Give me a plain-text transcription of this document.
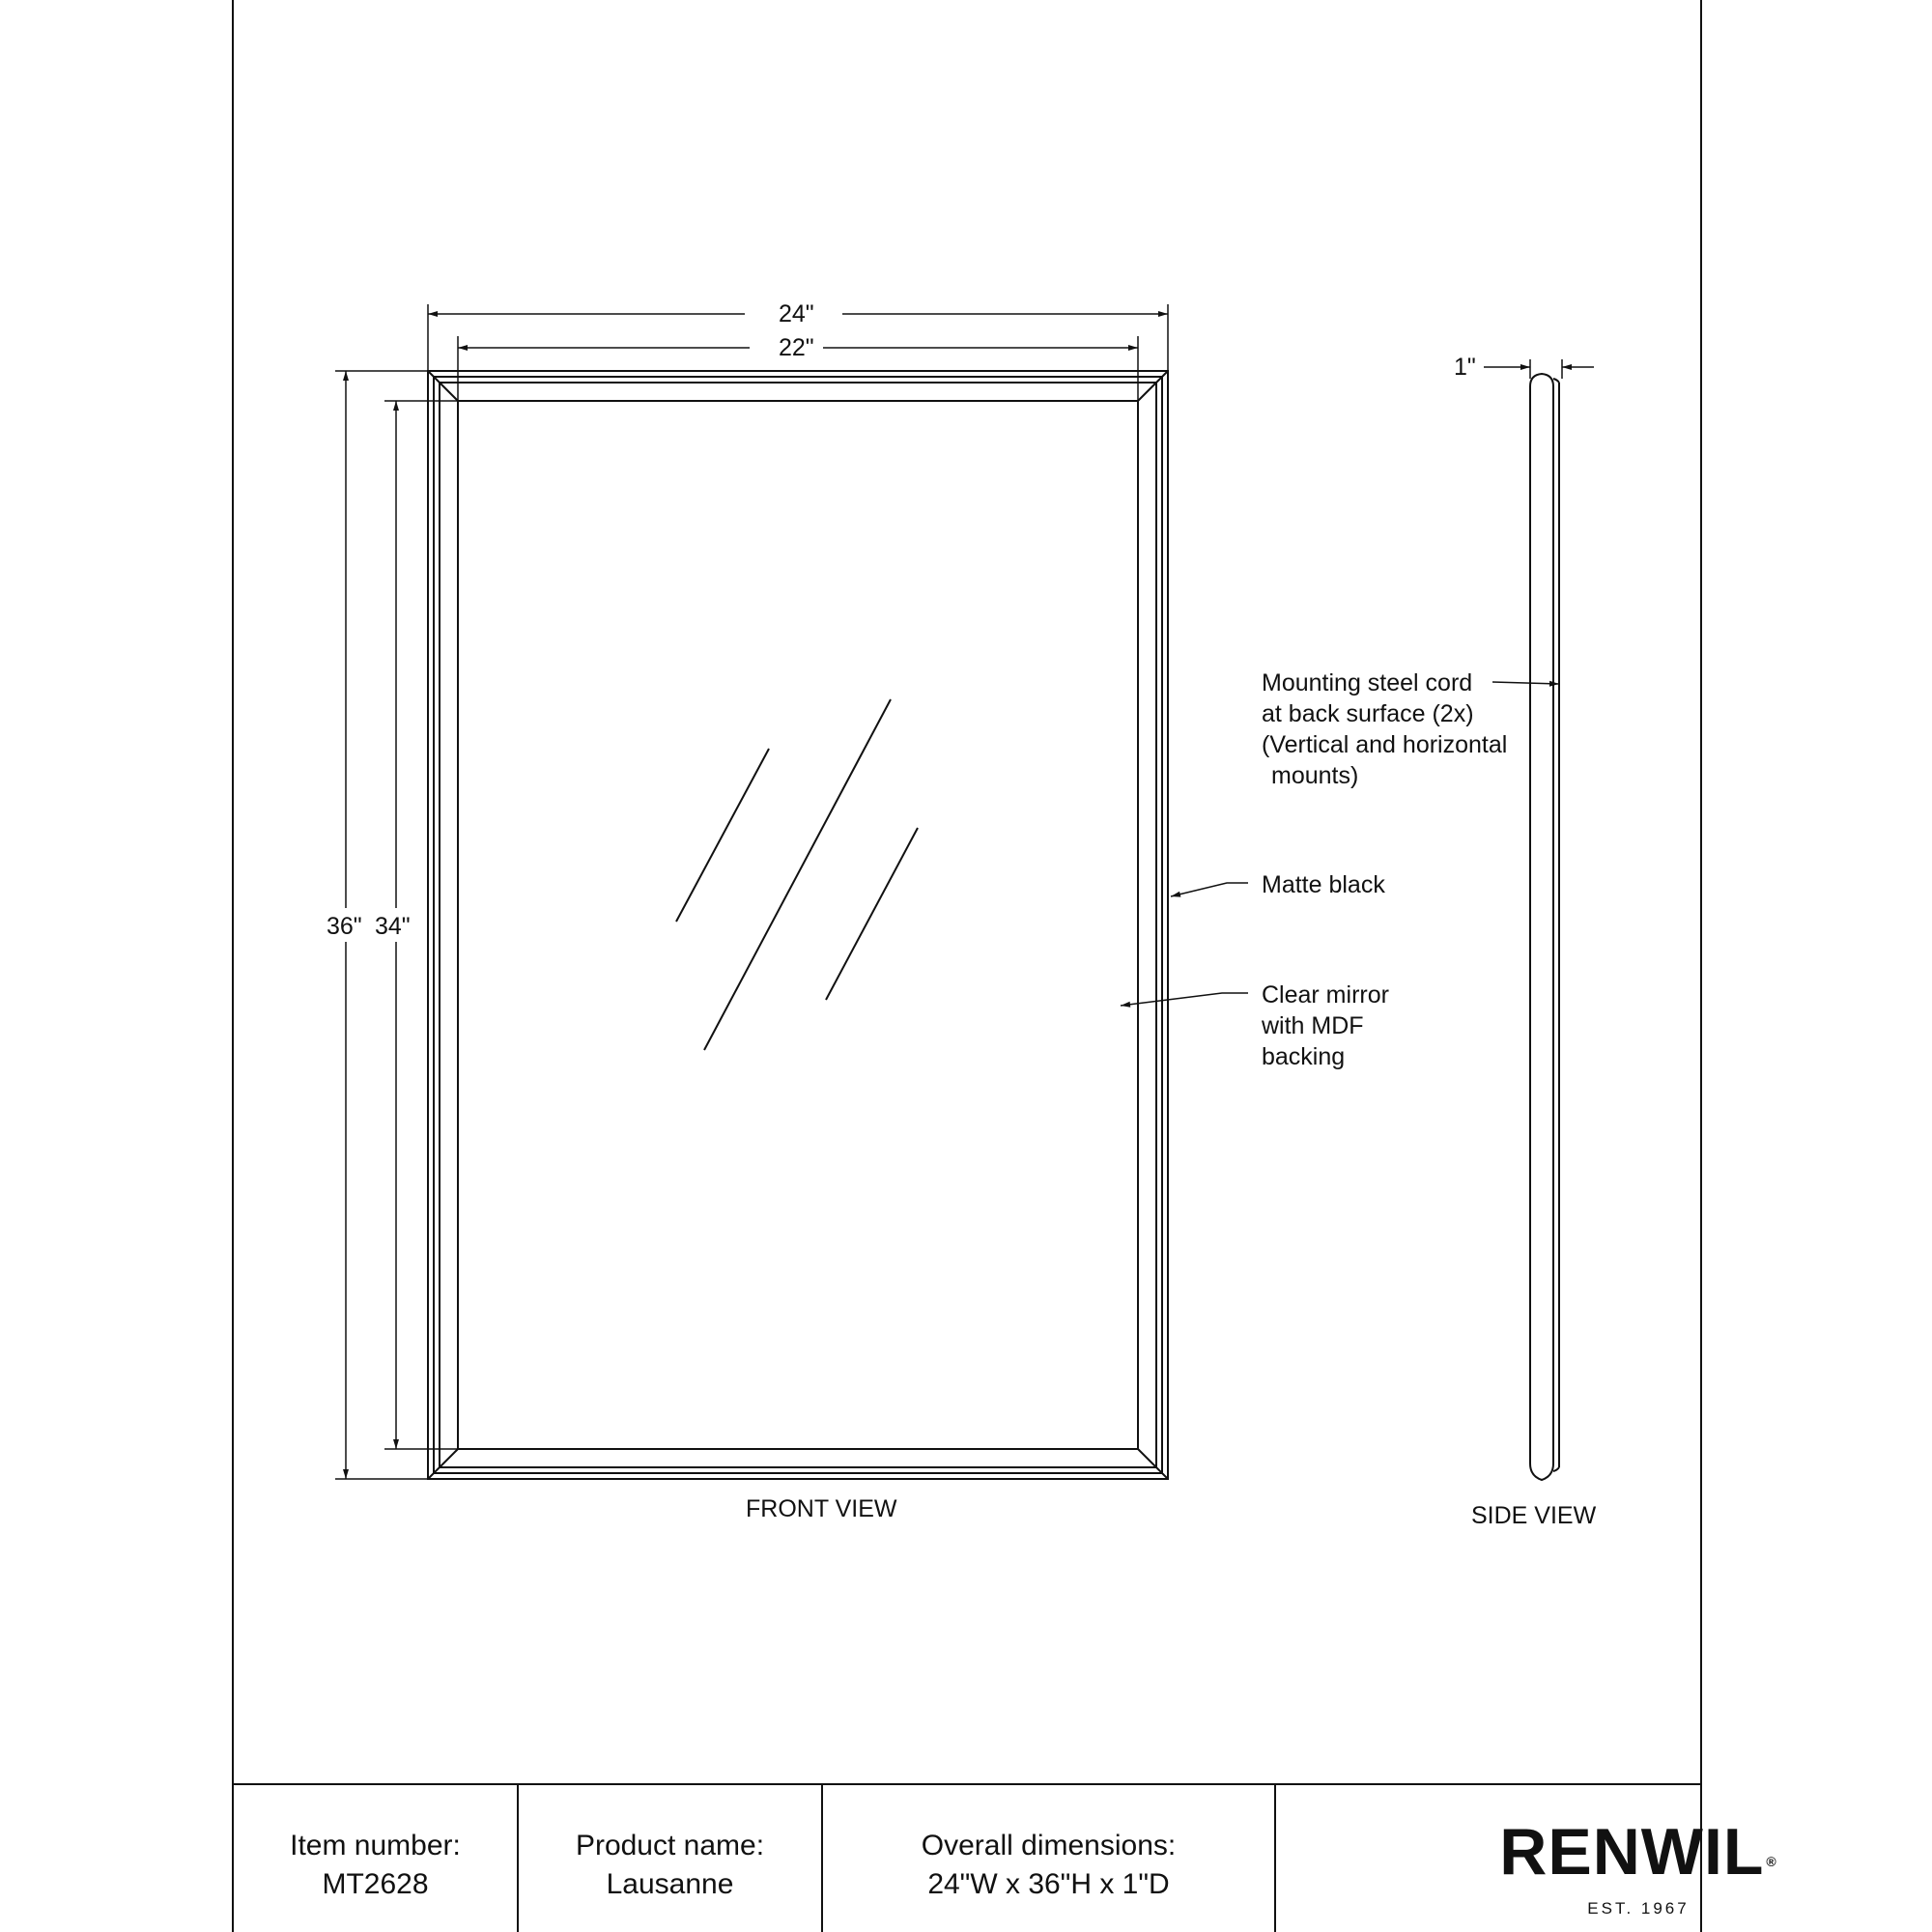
24"
22"
36" 34"
1"
FRONT VIEW	SIDE VIEW
Mounting steel cord
at back surface (2x)
(Vertical and horizontal
mounts)
Matte black
Clear mirror
with MDF
backing
Item number:
MT2628
Product name:
Lausanne
Overall dimensions:
24"W x 36"H x 1"D	RENWIL ®
EST. 1967
